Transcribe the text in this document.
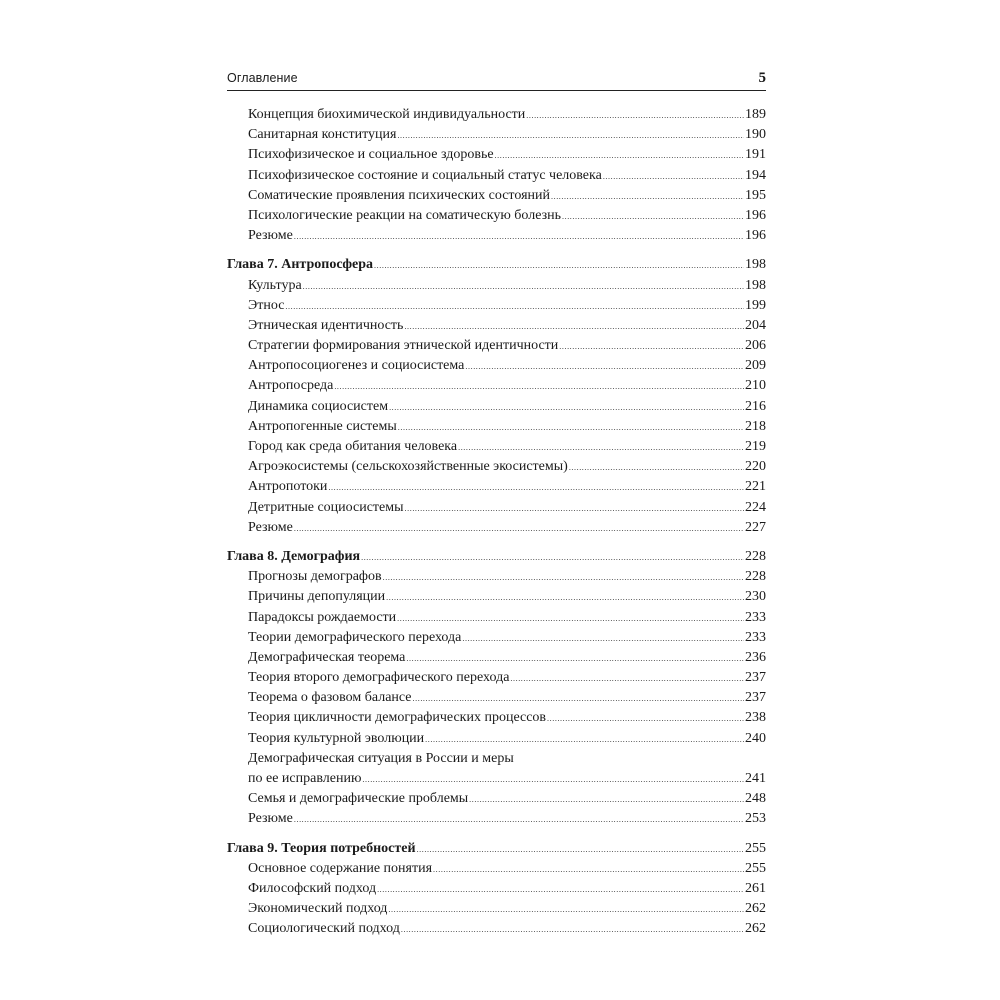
Оглавление	5
Концепция биохимической индивидуальности .....	189
Санитарная конституция .....	190
Психофизическое и социальное здоровье .....	191
Психофизическое состояние и социальный статус человека .....	194
Соматические проявления психических состояний .....	195
Психологические реакции на соматическую болезнь .....	196
Резюме .....	196
Глава 7. Антропосфера .....	198
Культура .....	198
Этнос .....	199
Этническая идентичность .....	204
Стратегии формирования этнической идентичности .....	206
Антропосоциогенез и социосистема .....	209
Антропосреда .....	210
Динамика социосистем .....	216
Антропогенные системы .....	218
Город как среда обитания человека .....	219
Агроэкосистемы (сельскохозяйственные экосистемы) .....	220
Антропотоки .....	221
Детритные социосистемы .....	224
Резюме .....	227
Глава 8. Демография .....	228
Прогнозы демографов .....	228
Причины депопуляции .....	230
Парадоксы рождаемости .....	233
Теории демографического перехода .....	233
Демографическая теорема .....	236
Теория второго демографического перехода .....	237
Теорема о фазовом балансе .....	237
Теория цикличности демографических процессов .....	238
Теория культурной эволюции .....	240
Демографическая ситуация в России и меры
по ее исправлению .....	241
Семья и демографические проблемы .....	248
Резюме .....	253
Глава 9. Теория потребностей .....	255
Основное содержание понятия .....	255
Философский подход .....	261
Экономический подход .....	262
Социологический подход .....	262
